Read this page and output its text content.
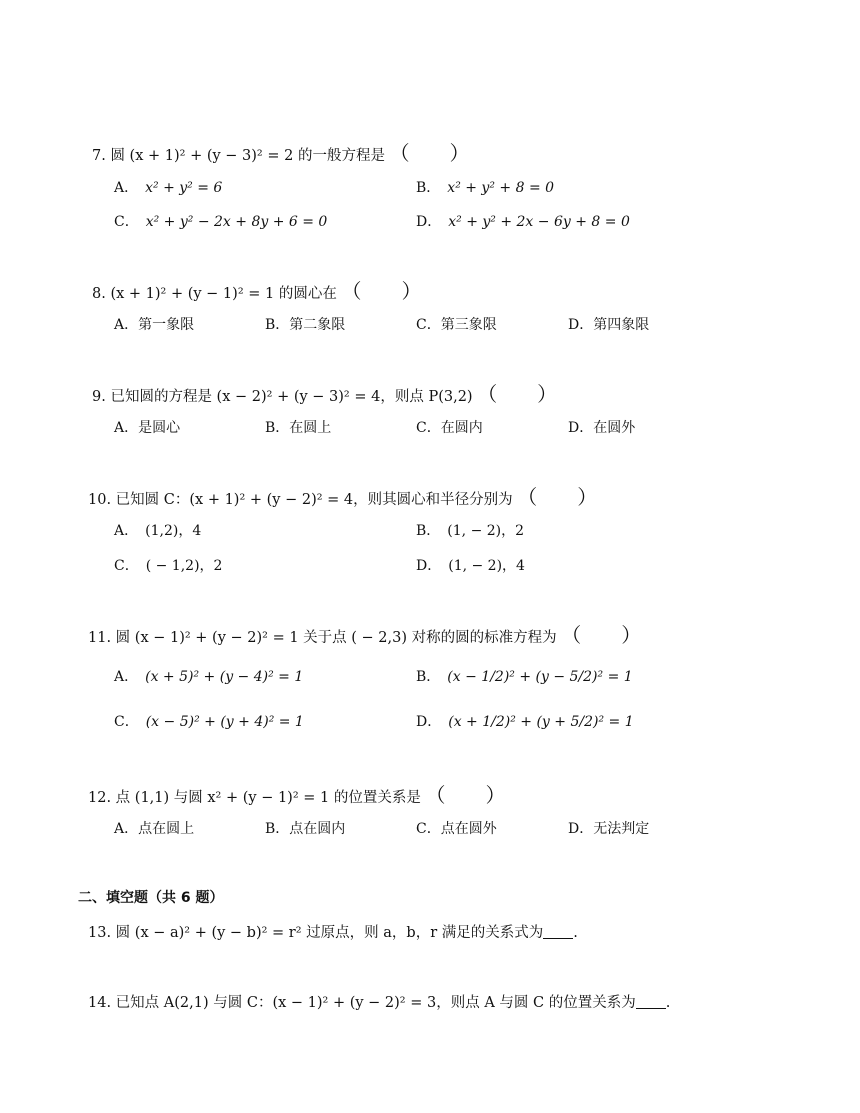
7. 圆 (x + 1)² + (y − 3)² = 2 的一般方程是 （　　）
A．　 x² + y² = 6	B．　 x² + y² + 8 = 0
C．　 x² + y² − 2x + 8y + 6 = 0	D．　 x² + y² + 2x − 6y + 8 = 0
8. (x + 1)² + (y − 1)² = 1 的圆心在 （　　）
A．第一象限	B．第二象限	C．第三象限	D．第四象限
9. 已知圆的方程是 (x − 2)² + (y − 3)² = 4，则点 P(3,2) （　　）
A．是圆心	B．在圆上	C．在圆内	D．在圆外
10. 已知圆 C：(x + 1)² + (y − 2)² = 4，则其圆心和半径分别为 （　　）
A．　 (1,2)，4	B．　 (1, − 2)，2
C．　 ( − 1,2)，2	D．　 (1, − 2)，4
11. 圆 (x − 1)² + (y − 2)² = 1 关于点 ( − 2,3) 对称的圆的标准方程为 （　　）
A．　 (x + 5)² + (y − 4)² = 1	B．　 (x − 1/2)² + (y − 5/2)² = 1
C．　 (x − 5)² + (y + 4)² = 1	D．　 (x + 1/2)² + (y + 5/2)² = 1
12. 点 (1,1) 与圆 x² + (y − 1)² = 1 的位置关系是 （　　）
A．点在圆上	B．点在圆内	C．点在圆外	D．无法判定
二、填空题（共 6 题）
13. 圆 (x − a)² + (y − b)² = r² 过原点，则 a，b，r 满足的关系式为 .
14. 已知点 A(2,1) 与圆 C：(x − 1)² + (y − 2)² = 3，则点 A 与圆 C 的位置关系为 .
